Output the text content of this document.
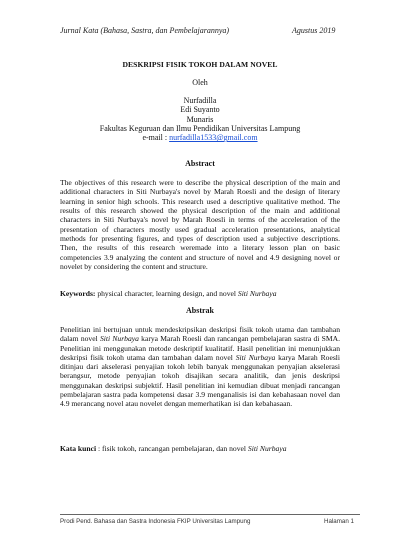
Jurnal Kata (Bahasa, Sastra, dan Pembelajarannya)	Agustus 2019
DESKRIPSI FISIK TOKOH DALAM NOVEL
Oleh
Nurfadilla
Edi Suyanto
Munaris
Fakultas Keguruan dan Ilmu Pendidikan Universitas Lampung
e-mail : nurfadilla1533@gmail.com
Abstract
The objectives of this research were to describe the physical description of the main and additional characters in Siti Nurbaya's novel by Marah Roesli and the design of literary learning in senior high schools. This research used a descriptive qualitative method. The results of this research showed the physical description of the main and additional characters in Siti Nurbaya's novel by Marah Roesli in terms of the acceleration of the presentation of characters mostly used gradual acceleration presentations, analytical methods for presenting figures, and types of description used a subjective descriptions. Then, the results of this research weremade into a literary lesson plan on basic competencies 3.9 analyzing the content and structure of novel and 4.9 designing novel or novelet by considering the content and structure.
Keywords: physical character, learning design, and novel Siti Nurbaya
Abstrak
Penelitian ini bertujuan untuk mendeskripsikan deskripsi fisik tokoh utama dan tambahan dalam novel Siti Nurbaya karya Marah Roesli dan rancangan pembelajaran sastra di SMA. Penelitian ini menggunakan metode deskriptif kualitatif. Hasil penelitian ini menunjukkan deskripsi fisik tokoh utama dan tambahan dalam novel Siti Nurbaya karya Marah Roesli ditinjau dari akselerasi penyajian tokoh lebih banyak menggunakan penyajian akselerasi berangsur, metode penyajian tokoh disajikan secara analitik, dan jenis deskripsi menggunakan deskripsi subjektif. Hasil penelitian ini kemudian dibuat menjadi rancangan pembelajaran sastra pada kompetensi dasar 3.9 menganalisis isi dan kebahasaan novel dan 4.9 merancang novel atau novelet dengan memerhatikan isi dan kebahasaan.
Kata kunci : fisik tokoh, rancangan pembelajaran, dan novel Siti Nurbaya
Prodi Pend. Bahasa dan Sastra Indonesia FKIP Universitas Lampung	Halaman 1
